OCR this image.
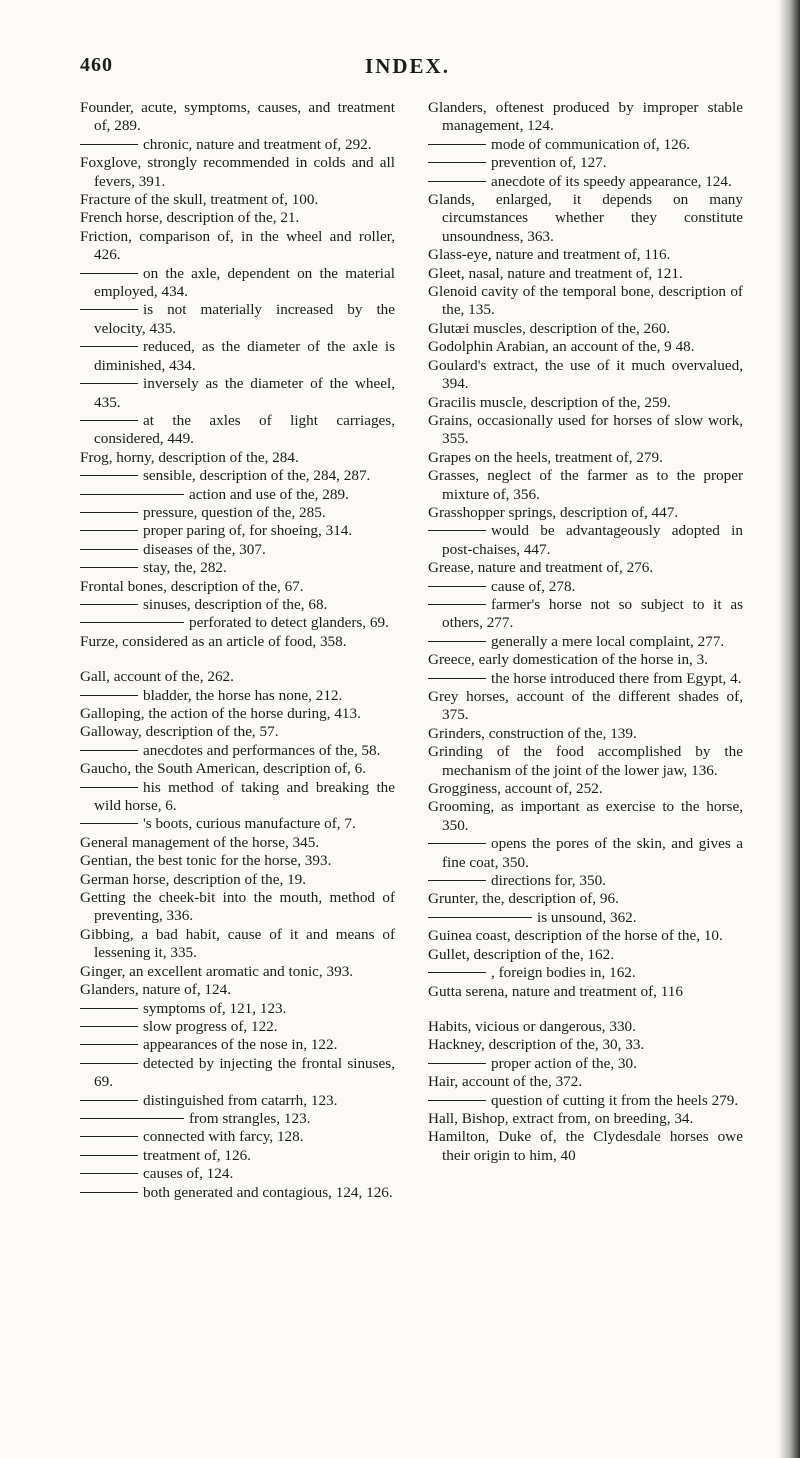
460	INDEX.
Founder, acute, symptoms, causes, and treatment of, 289.
chronic, nature and treatment of, 292.
Foxglove, strongly recommended in colds and all fevers, 391.
Fracture of the skull, treatment of, 100.
French horse, description of the, 21.
Friction, comparison of, in the wheel and roller, 426.
on the axle, dependent on the material employed, 434.
is not materially increased by the velocity, 435.
reduced, as the diameter of the axle is diminished, 434.
inversely as the diameter of the wheel, 435.
at the axles of light carriages, considered, 449.
Frog, horny, description of the, 284.
sensible, description of the, 284, 287.
action and use of the, 289.
pressure, question of the, 285.
proper paring of, for shoeing, 314.
diseases of the, 307.
stay, the, 282.
Frontal bones, description of the, 67.
sinuses, description of the, 68.
perforated to detect glanders, 69.
Furze, considered as an article of food, 358.
Gall, account of the, 262.
bladder, the horse has none, 212.
Galloping, the action of the horse during, 413.
Galloway, description of the, 57.
anecdotes and performances of the, 58.
Gaucho, the South American, description of, 6.
his method of taking and breaking the wild horse, 6.
's boots, curious manufacture of, 7.
General management of the horse, 345.
Gentian, the best tonic for the horse, 393.
German horse, description of the, 19.
Getting the cheek-bit into the mouth, method of preventing, 336.
Gibbing, a bad habit, cause of it and means of lessening it, 335.
Ginger, an excellent aromatic and tonic, 393.
Glanders, nature of, 124.
symptoms of, 121, 123.
slow progress of, 122.
appearances of the nose in, 122.
detected by injecting the frontal sinuses, 69.
distinguished from catarrh, 123.
from strangles, 123.
connected with farcy, 128.
treatment of, 126.
causes of, 124.
both generated and contagious, 124, 126.
Glanders, oftenest produced by improper stable management, 124.
mode of communication of, 126.
prevention of, 127.
anecdote of its speedy appearance, 124.
Glands, enlarged, it depends on many circumstances whether they constitute unsoundness, 363.
Glass-eye, nature and treatment of, 116.
Gleet, nasal, nature and treatment of, 121.
Glenoid cavity of the temporal bone, description of the, 135.
Glutæi muscles, description of the, 260.
Godolphin Arabian, an account of the, 9 48.
Goulard's extract, the use of it much overvalued, 394.
Gracilis muscle, description of the, 259.
Grains, occasionally used for horses of slow work, 355.
Grapes on the heels, treatment of, 279.
Grasses, neglect of the farmer as to the proper mixture of, 356.
Grasshopper springs, description of, 447.
would be advantageously adopted in post-chaises, 447.
Grease, nature and treatment of, 276.
cause of, 278.
farmer's horse not so subject to it as others, 277.
generally a mere local complaint, 277.
Greece, early domestication of the horse in, 3.
the horse introduced there from Egypt, 4.
Grey horses, account of the different shades of, 375.
Grinders, construction of the, 139.
Grinding of the food accomplished by the mechanism of the joint of the lower jaw, 136.
Grogginess, account of, 252.
Grooming, as important as exercise to the horse, 350.
opens the pores of the skin, and gives a fine coat, 350.
directions for, 350.
Grunter, the, description of, 96.
is unsound, 362.
Guinea coast, description of the horse of the, 10.
Gullet, description of the, 162.
, foreign bodies in, 162.
Gutta serena, nature and treatment of, 116
Habits, vicious or dangerous, 330.
Hackney, description of the, 30, 33.
proper action of the, 30.
Hair, account of the, 372.
question of cutting it from the heels 279.
Hall, Bishop, extract from, on breeding, 34.
Hamilton, Duke of, the Clydesdale horses owe their origin to him, 40
